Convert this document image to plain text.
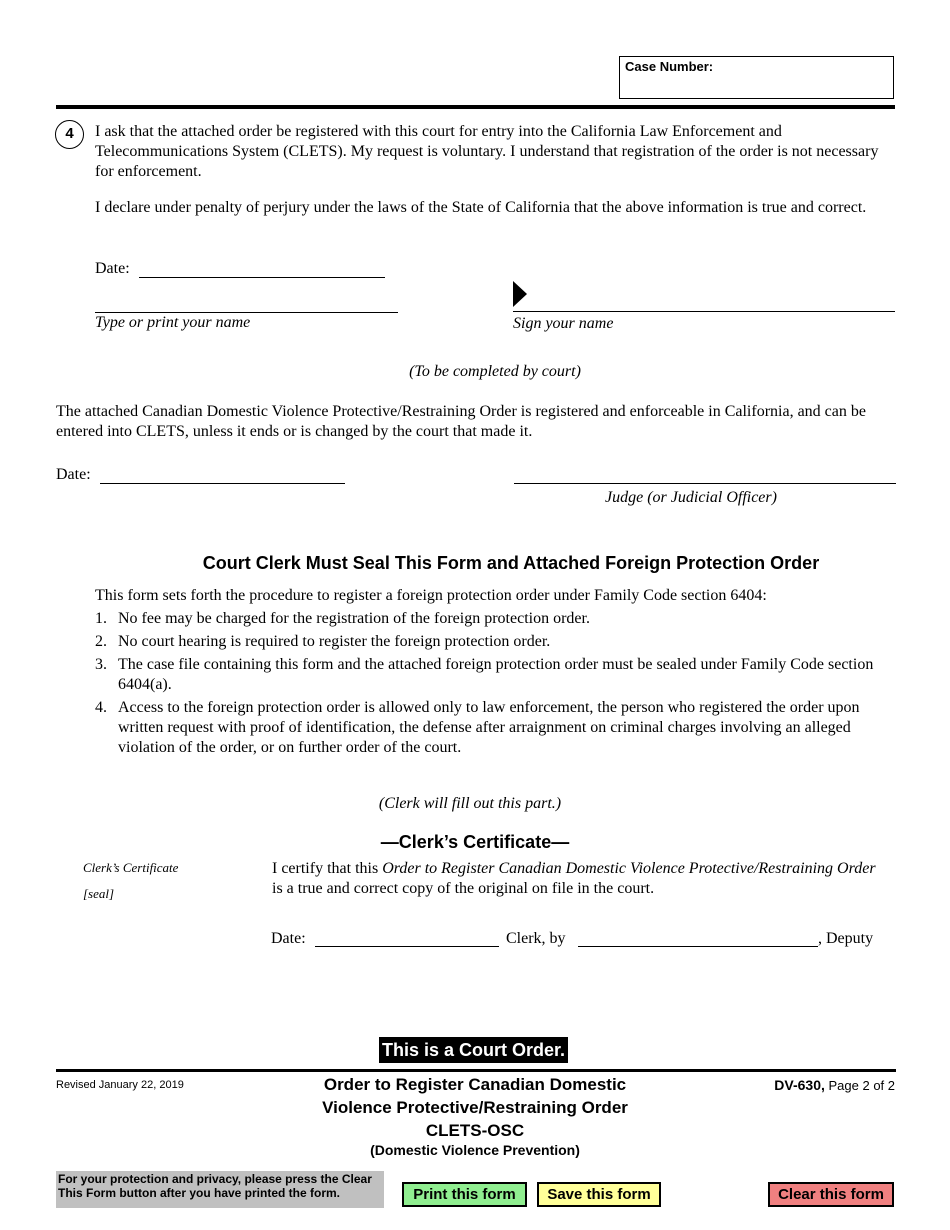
Case Number:
4	I ask that the attached order be registered with this court for entry into the California Law Enforcement and Telecommunications System (CLETS). My request is voluntary. I understand that registration of the order is not necessary for enforcement.
I declare under penalty of perjury under the laws of the State of California that the above information is true and correct.
Date:
Type or print your name	Sign your name
(To be completed by court)
The attached Canadian Domestic Violence Protective/Restraining Order is registered and enforceable in California, and can be entered into CLETS, unless it ends or is changed by the court that made it.
Date:
Judge (or Judicial Officer)
Court Clerk Must Seal This Form and Attached Foreign Protection Order
This form sets forth the procedure to register a foreign protection order under Family Code section 6404:
1. No fee may be charged for the registration of the foreign protection order.
2. No court hearing is required to register the foreign protection order.
3. The case file containing this form and the attached foreign protection order must be sealed under Family Code section 6404(a).
4. Access to the foreign protection order is allowed only to law enforcement, the person who registered the order upon written request with proof of identification, the defense after arraignment on criminal charges involving an alleged violation of the order, or on further order of the court.
(Clerk will fill out this part.)
—Clerk’s Certificate—
Clerk’s Certificate
[seal]
I certify that this Order to Register Canadian Domestic Violence Protective/Restraining Order is a true and correct copy of the original on file in the court.
Date:	Clerk, by	, Deputy
This is a Court Order.
Revised January 22, 2019	Order to Register Canadian Domestic
Violence Protective/Restraining Order
CLETS-OSC
(Domestic Violence Prevention)
DV-630, Page 2 of 2
For your protection and privacy, please press the Clear This Form button after you have printed the form.	Print this form	Save this form	Clear this form
